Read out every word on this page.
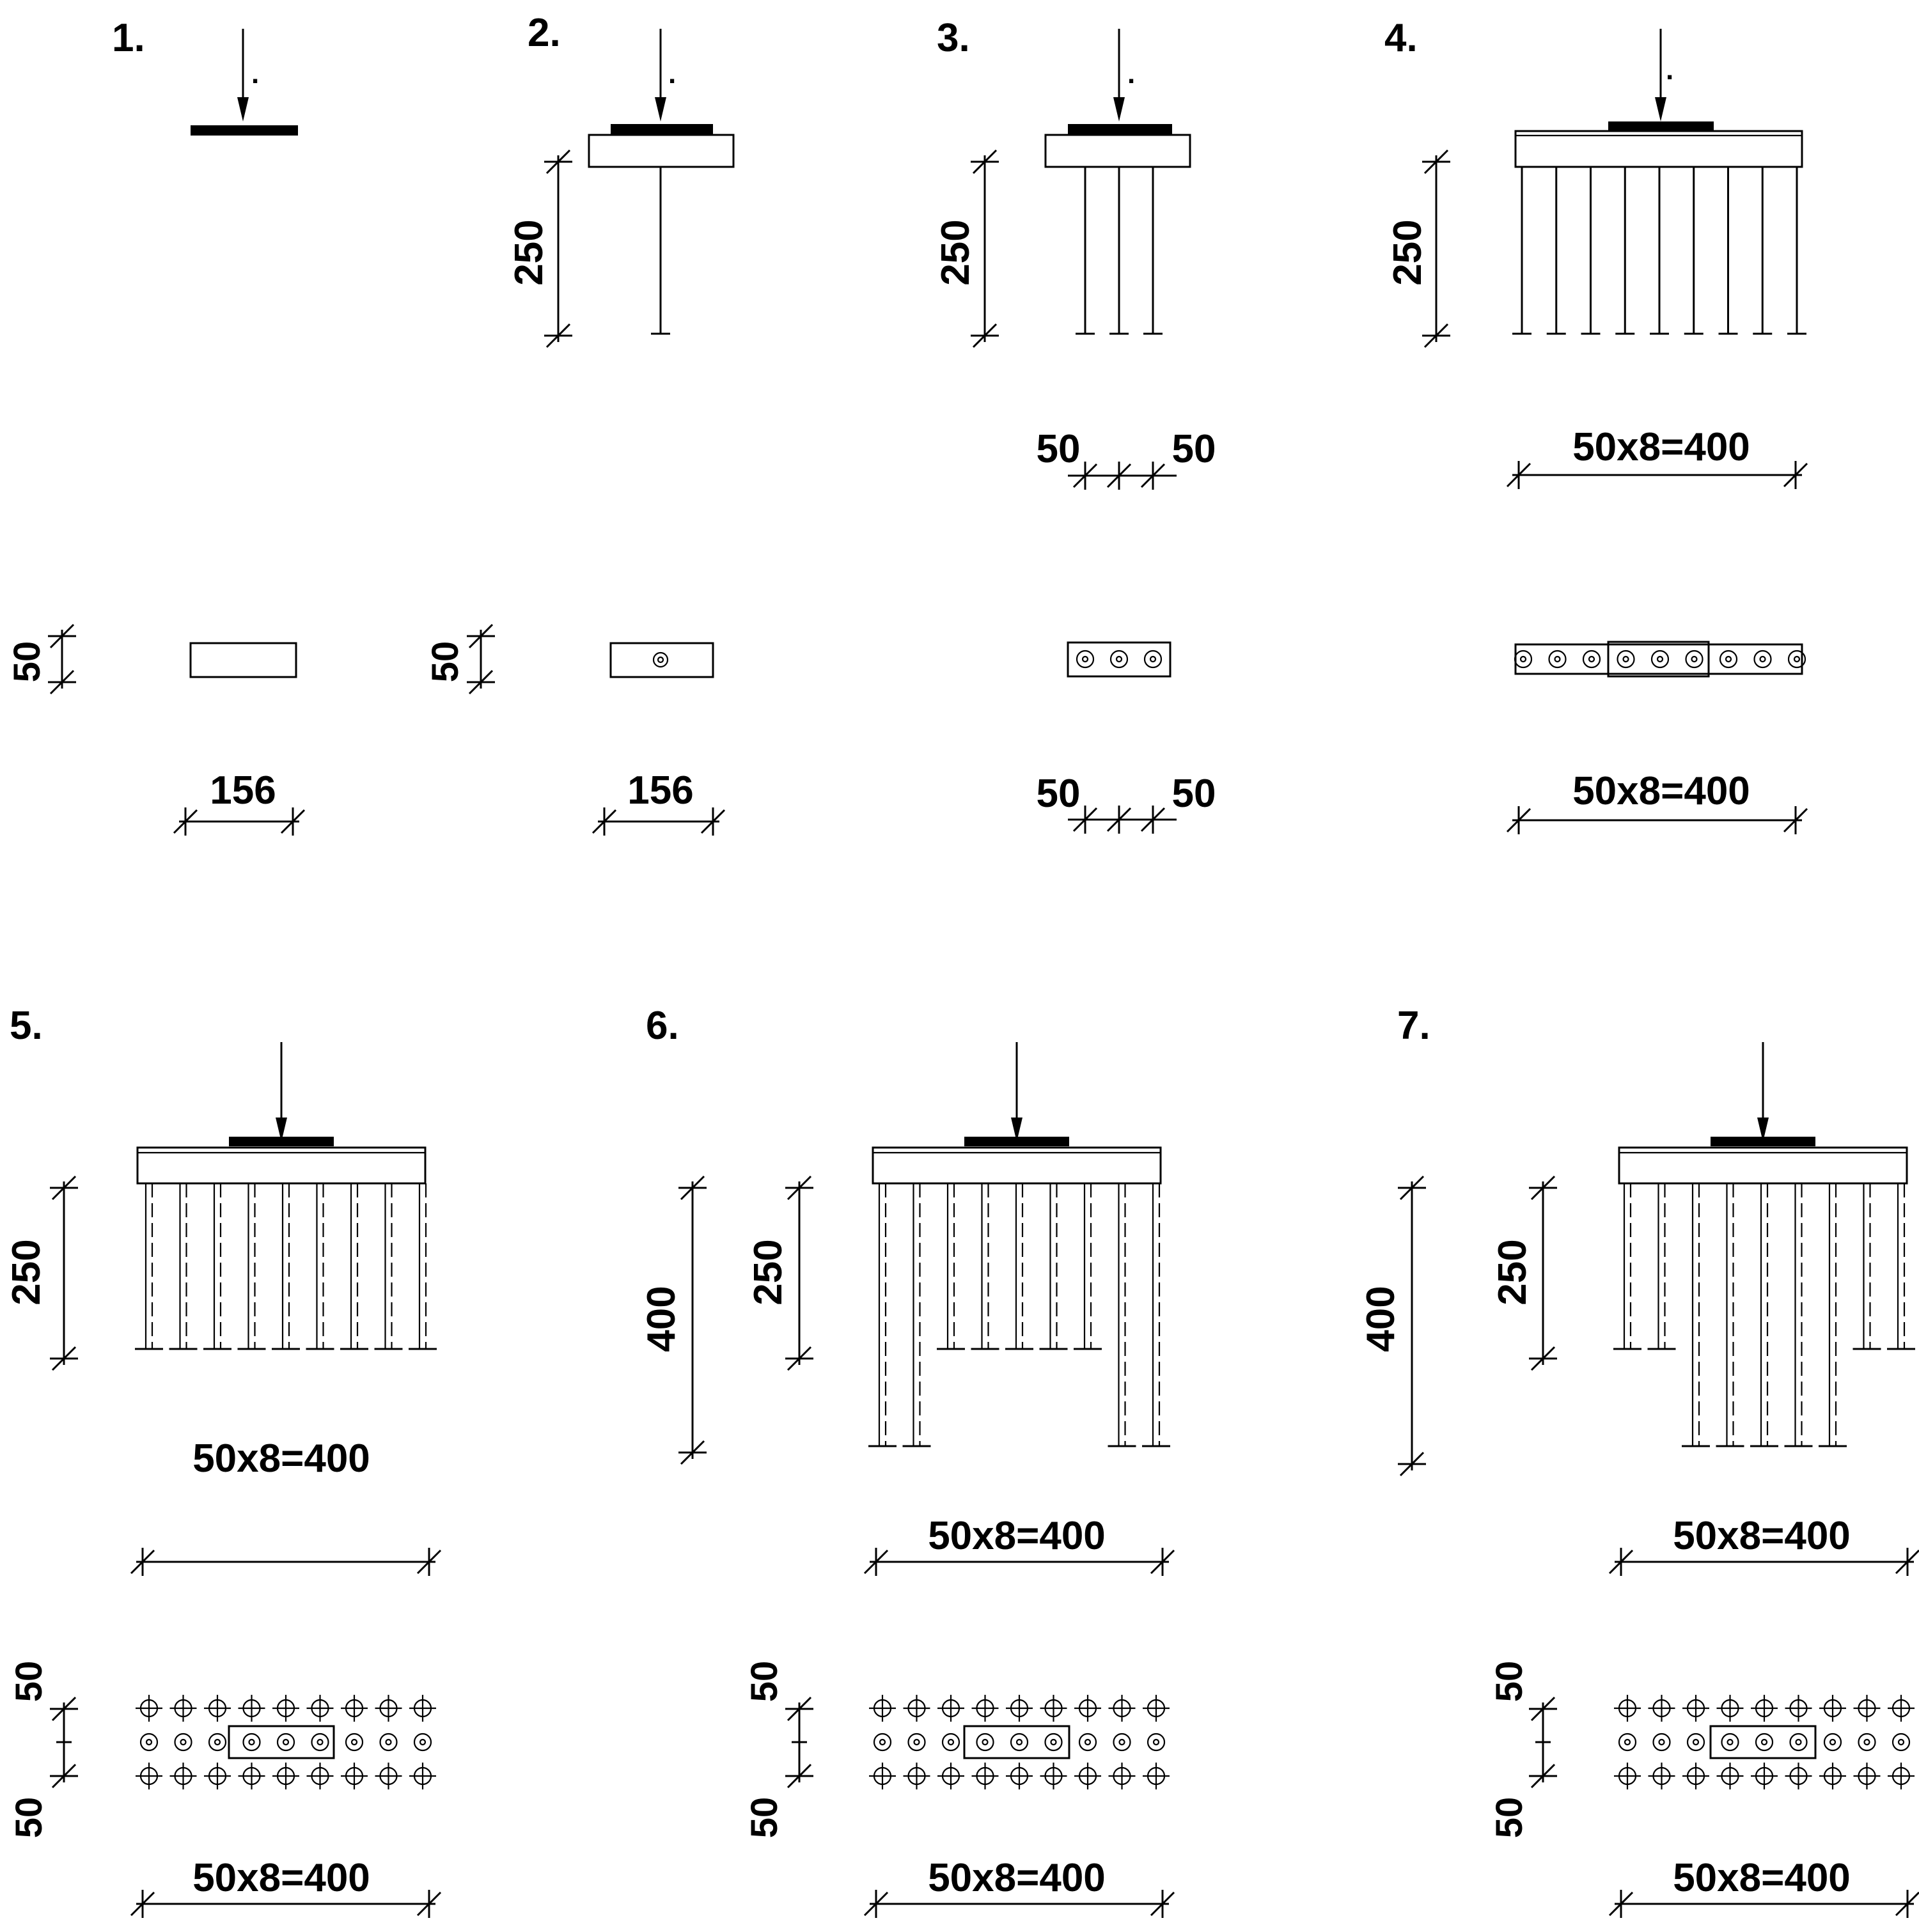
1.	2.	3.	4.
5.	6.	7.
.	.	.	.
.	.	.
50
156
250
50
156
250
50 50
50 50
250
50x8=400
50x8=400
250
50x8=400
50
50
50x8=400
400
250
50x8=400
50
50
50x8=400
400
250
50x8=400
50
50
50x8=400
